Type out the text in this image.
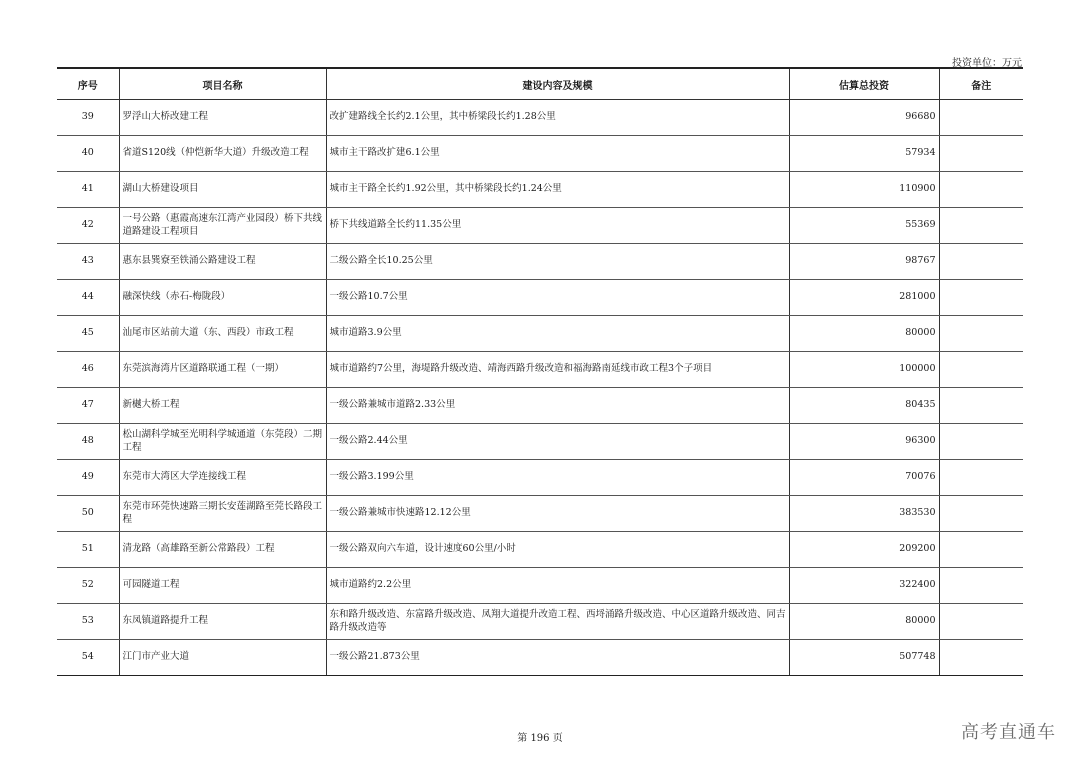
投资单位：万元
序号	项目名称	建设内容及规模	估算总投资	备注
39	罗浮山大桥改建工程	改扩建路线全长约2.1公里，其中桥梁段长约1.28公里	96680	
40	省道S120线（仲恺新华大道）升级改造工程	城市主干路改扩建6.1公里	57934	
41	湖山大桥建设项目	城市主干路全长约1.92公里，其中桥梁段长约1.24公里	110900	
42	一号公路（惠霞高速东江湾产业园段）桥下共线道路建设工程项目	桥下共线道路全长约11.35公里	55369	
43	惠东县巽寮至铁涌公路建设工程	二级公路全长10.25公里	98767	
44	融深快线（赤石-梅陇段）	一级公路10.7公里	281000	
45	汕尾市区站前大道（东、西段）市政工程	城市道路3.9公里	80000	
46	东莞滨海湾片区道路联通工程（一期）	城市道路约7公里，海堤路升级改造、靖海西路升级改造和福海路南延线市政工程3个子项目	100000	
47	新樾大桥工程	一级公路兼城市道路2.33公里	80435	
48	松山湖科学城至光明科学城通道（东莞段）二期工程	一级公路2.44公里	96300	
49	东莞市大湾区大学连接线工程	一级公路3.199公里	70076	
50	东莞市环莞快速路三期长安莲湖路至莞长路段工程	一级公路兼城市快速路12.12公里	383530	
51	清龙路（高雄路至新公常路段）工程	一级公路双向六车道，设计速度60公里/小时	209200	
52	可园隧道工程	城市道路约2.2公里	322400	
53	东凤镇道路提升工程	东和路升级改造、东富路升级改造、凤翔大道提升改造工程、西埒涌路升级改造、中心区道路升级改造、同吉路升级改造等	80000	
54	江门市产业大道	一级公路21.873公里	507748	
第 196 页	高考直通车
